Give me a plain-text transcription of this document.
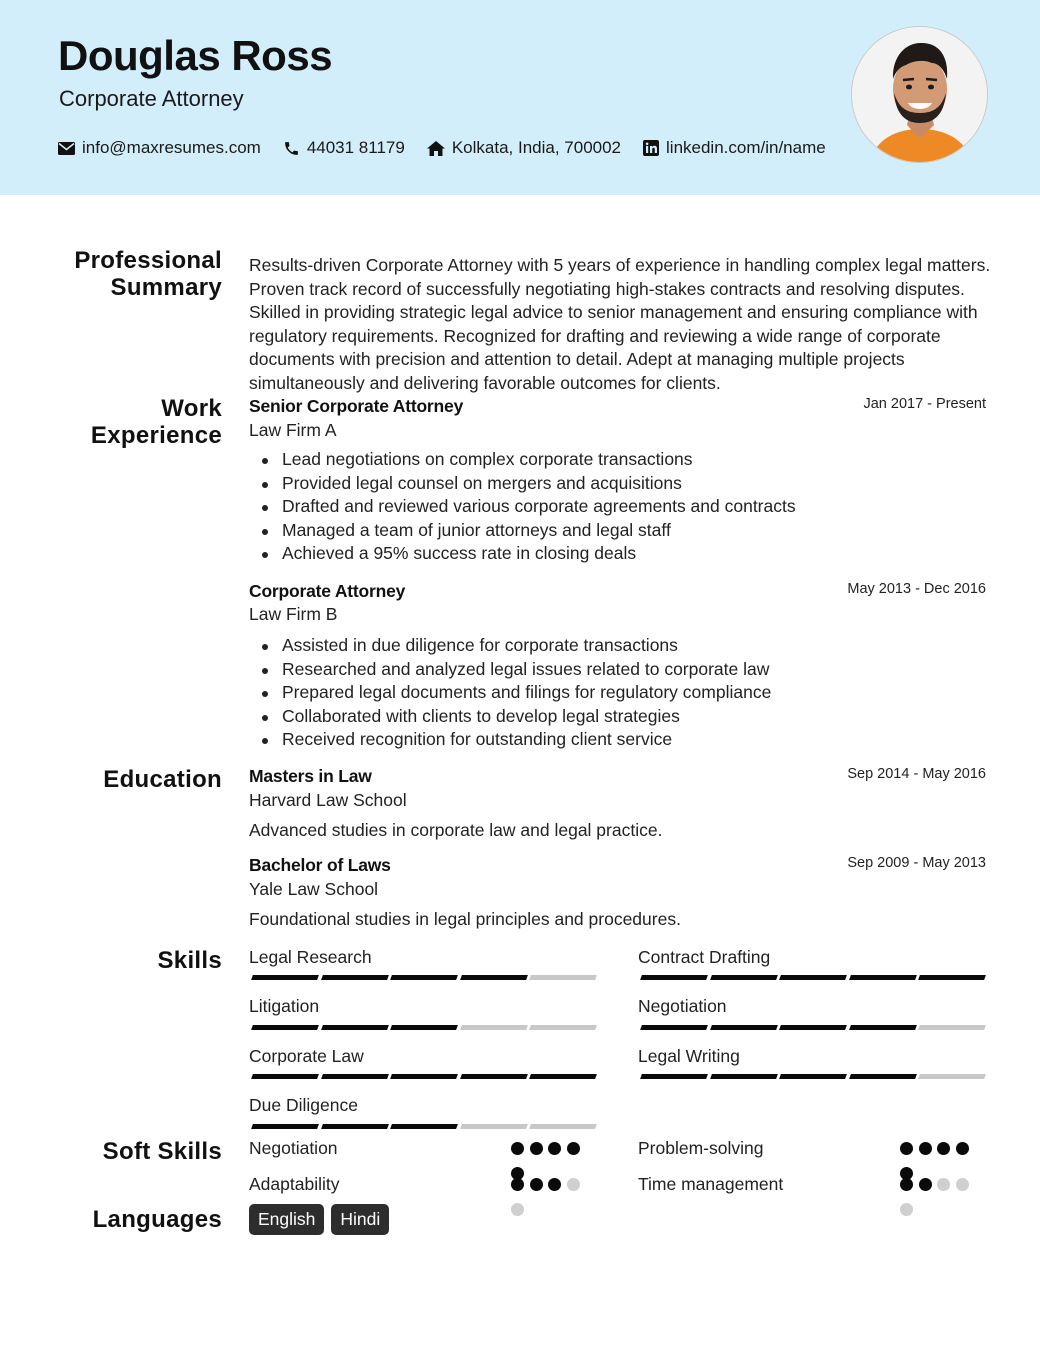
Douglas Ross
Corporate Attorney
info@maxresumes.com	44031 81179	Kolkata, India, 700002	linkedin.com/in/name
Professional Summary
Results-driven Corporate Attorney with 5 years of experience in handling complex legal matters. Proven track record of successfully negotiating high-stakes contracts and resolving disputes. Skilled in providing strategic legal advice to senior management and ensuring compliance with regulatory requirements. Recognized for drafting and reviewing a wide range of corporate documents with precision and attention to detail. Adept at managing multiple projects simultaneously and delivering favorable outcomes for clients.
Work Experience
Senior Corporate Attorney	Jan 2017 - Present
Law Firm A
Lead negotiations on complex corporate transactions
Provided legal counsel on mergers and acquisitions
Drafted and reviewed various corporate agreements and contracts
Managed a team of junior attorneys and legal staff
Achieved a 95% success rate in closing deals
Corporate Attorney	May 2013 - Dec 2016
Law Firm B
Assisted in due diligence for corporate transactions
Researched and analyzed legal issues related to corporate law
Prepared legal documents and filings for regulatory compliance
Collaborated with clients to develop legal strategies
Received recognition for outstanding client service
Education Masters in Law	Sep 2014 - May 2016
Harvard Law School
Advanced studies in corporate law and legal practice.
Bachelor of Laws	Sep 2009 - May 2013
Yale Law School
Foundational studies in legal principles and procedures.
Skills Legal Research	Contract Drafting
Litigation	Negotiation
Corporate Law	Legal Writing
Due Diligence
Soft Skills Negotiation	Problem-solving
Adaptability	Time management
Languages	English	Hindi
